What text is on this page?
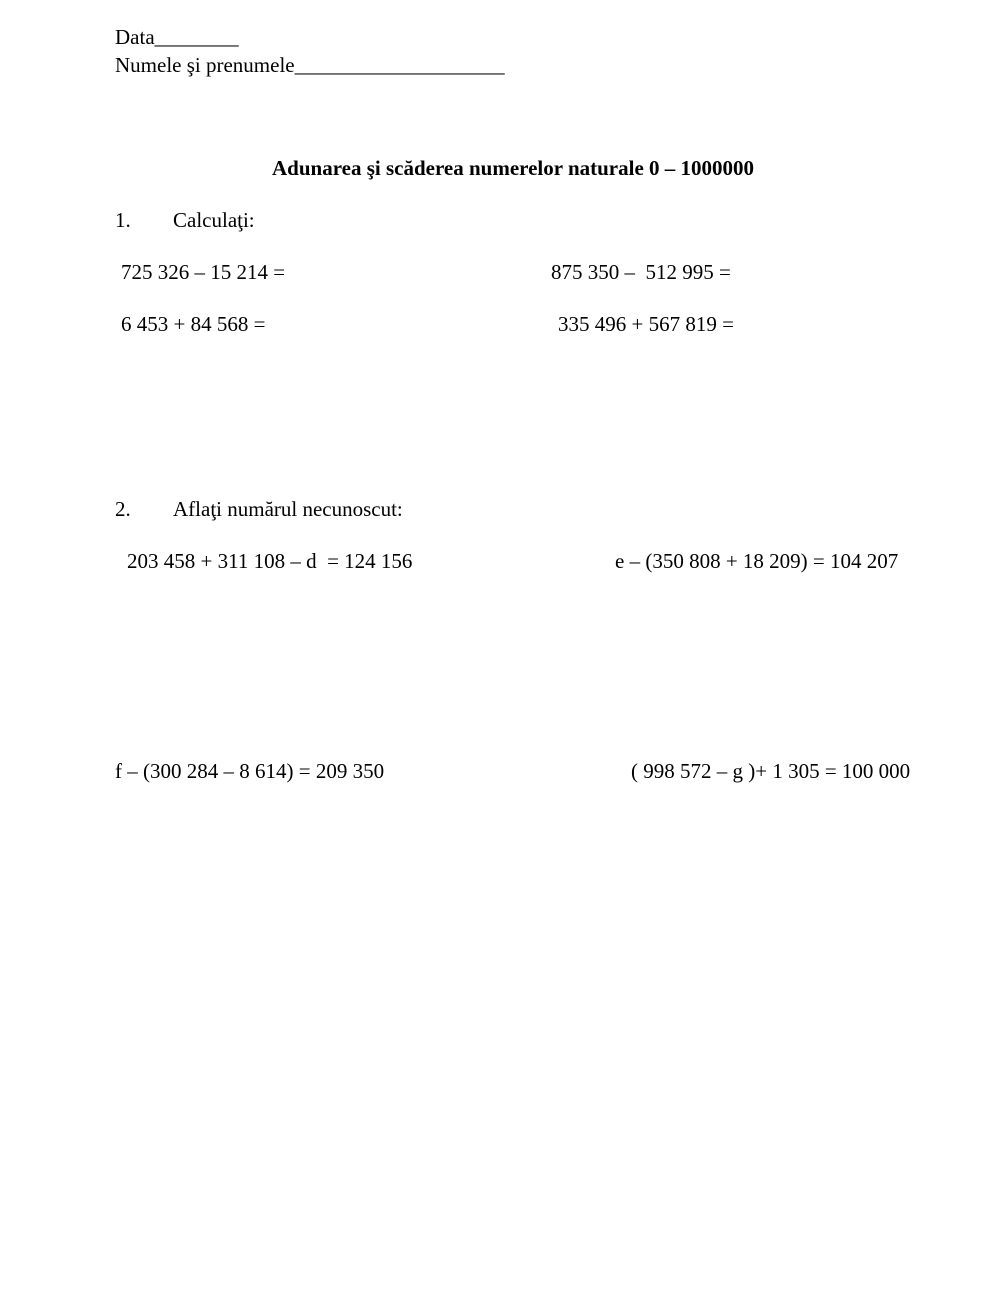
Data________
Numele şi prenumele____________________
Adunarea şi scăderea numerelor naturale 0 – 1000000
1. Calculaţi:
725 326 – 15 214 =	875 350 –  512 995 =
6 453 + 84 568 =	335 496 + 567 819 =
2. Aflaţi numărul necunoscut:
203 458 + 311 108 – d  = 124 156	e – (350 808 + 18 209) = 104 207
f – (300 284 – 8 614) = 209 350	( 998 572 – g )+ 1 305 = 100 000
